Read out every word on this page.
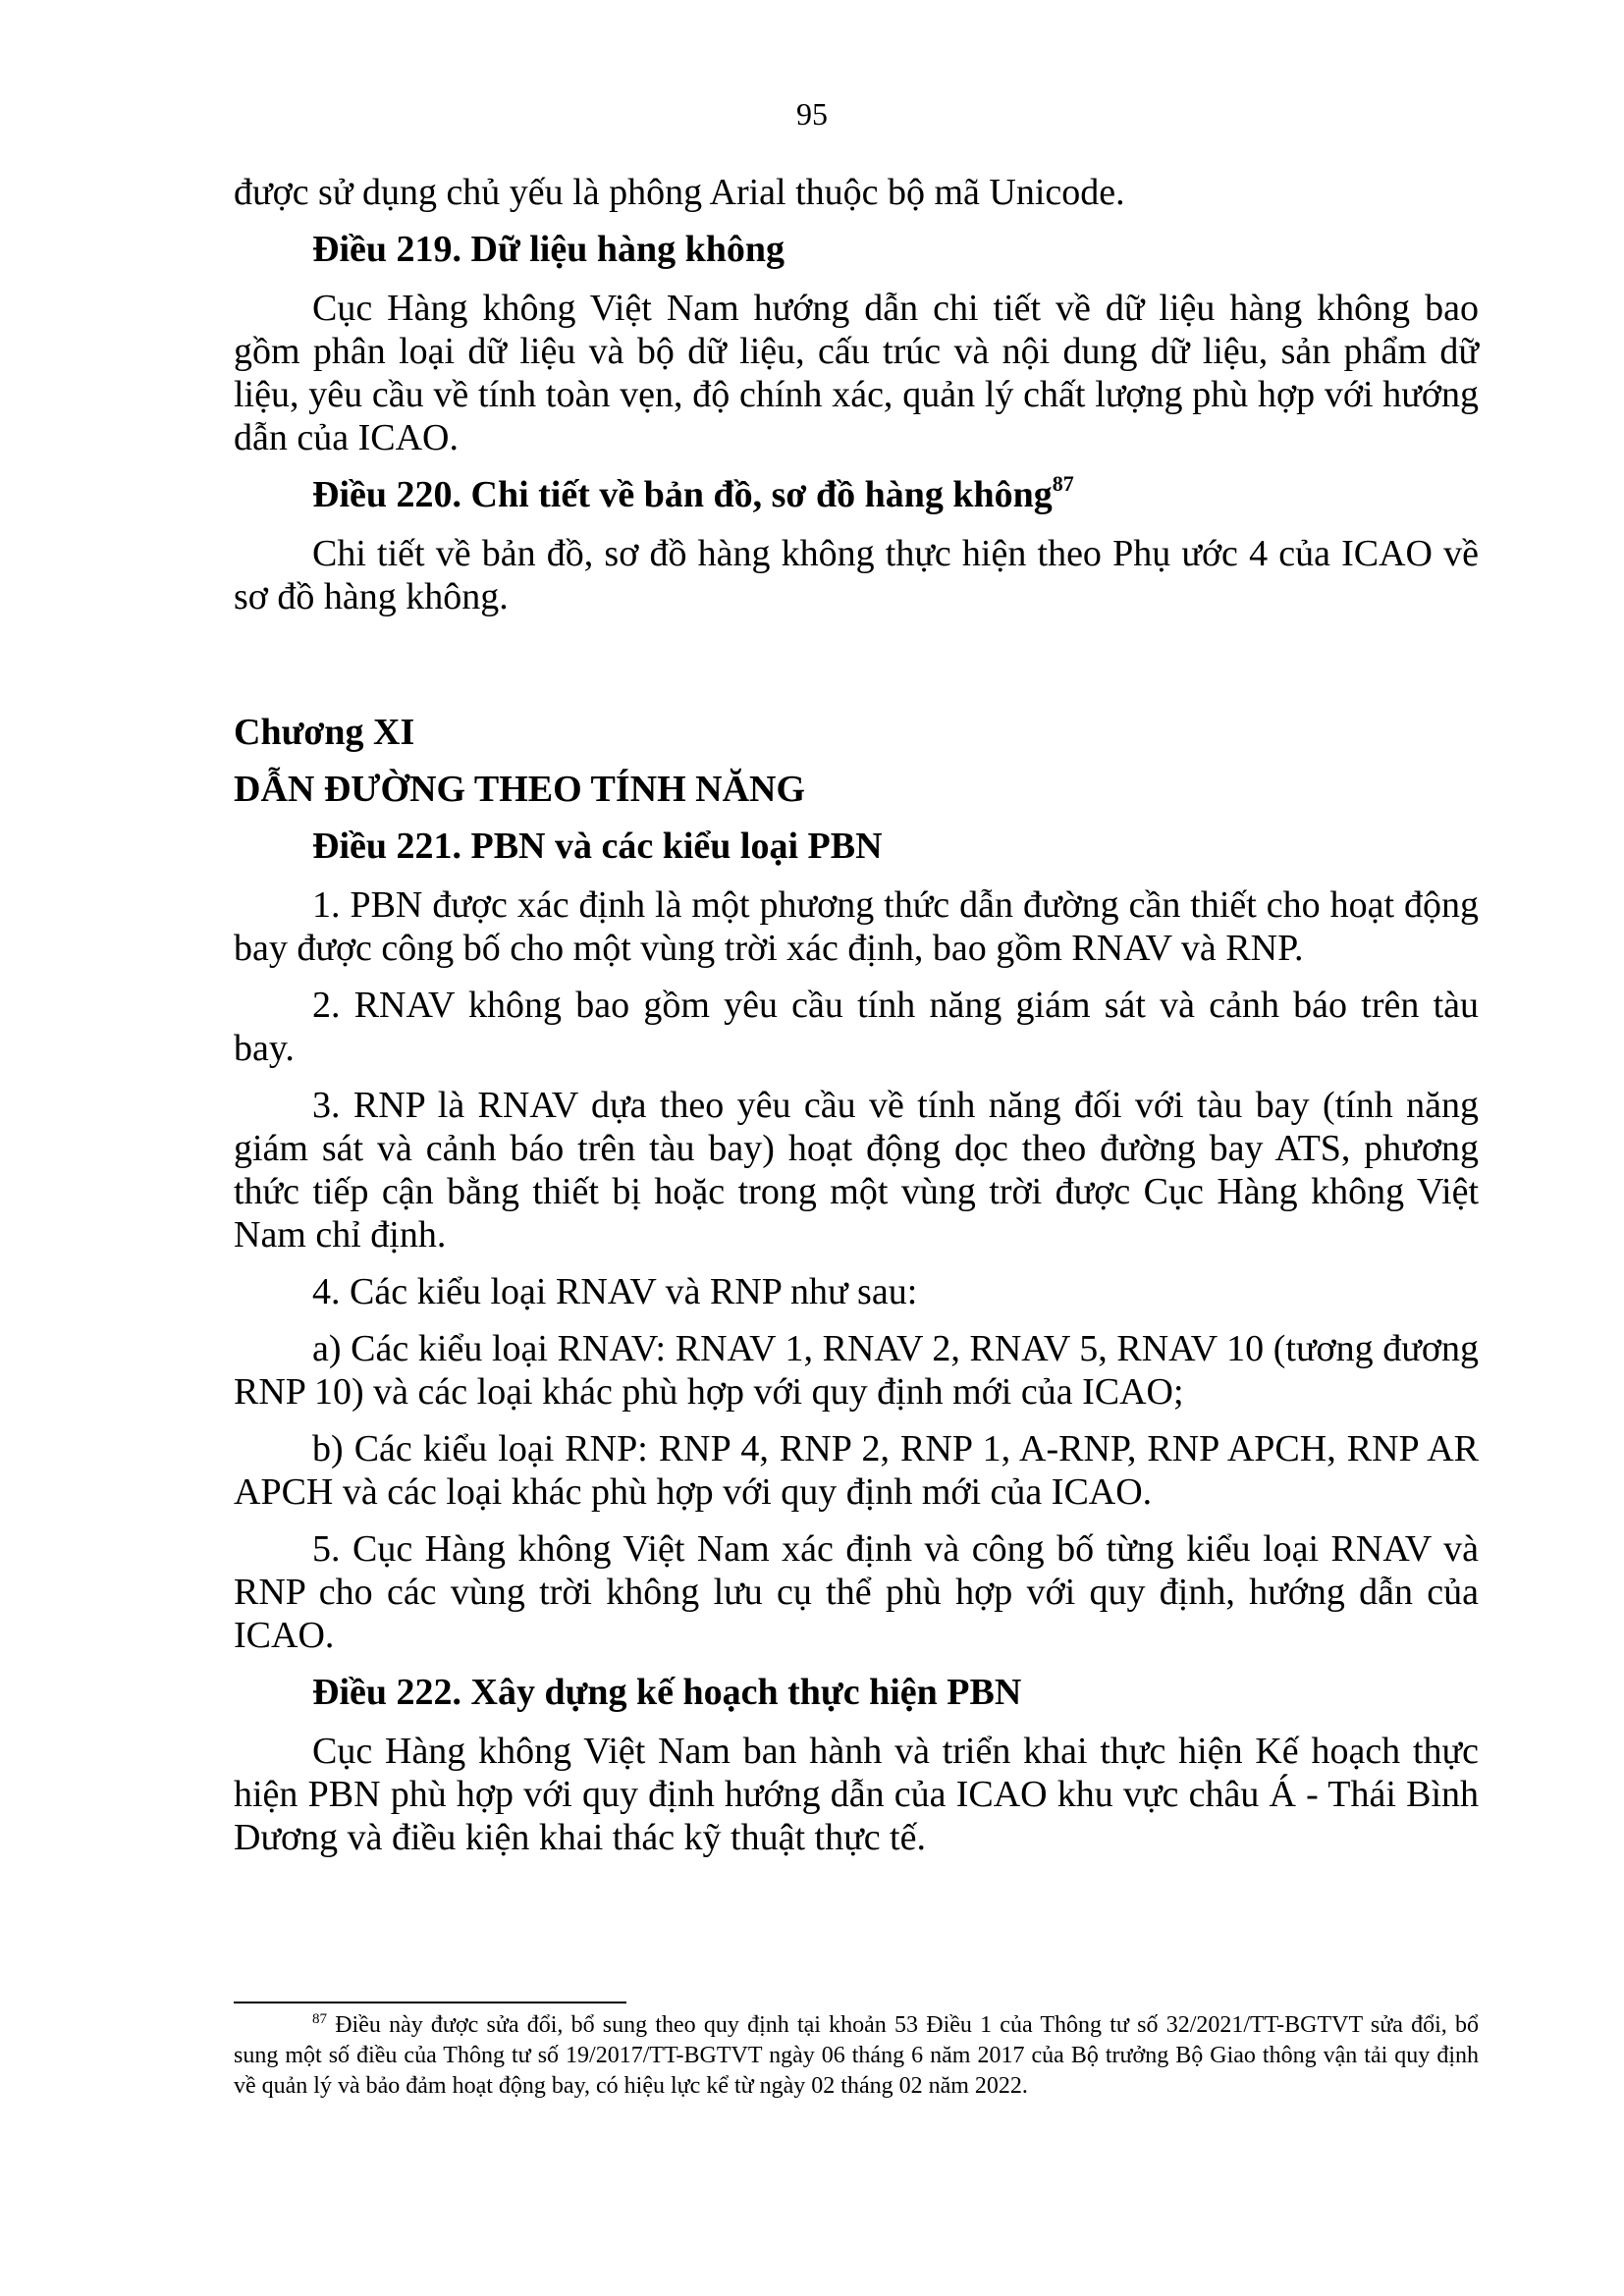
95

được sử dụng chủ yếu là phông Arial thuộc bộ mã Unicode.

Điều 219. Dữ liệu hàng không

Cục Hàng không Việt Nam hướng dẫn chi tiết về dữ liệu hàng không bao gồm phân loại dữ liệu và bộ dữ liệu, cấu trúc và nội dung dữ liệu, sản phẩm dữ liệu, yêu cầu về tính toàn vẹn, độ chính xác, quản lý chất lượng phù hợp với hướng dẫn của ICAO.

Điều 220. Chi tiết về bản đồ, sơ đồ hàng không$^{87}$

Chi tiết về bản đồ, sơ đồ hàng không thực hiện theo Phụ ước 4 của ICAO về sơ đồ hàng không.

Chương XI

DẪN ĐƯỜNG THEO TÍNH NĂNG

Điều 221. PBN và các kiểu loại PBN

1. PBN được xác định là một phương thức dẫn đường cần thiết cho hoạt động bay được công bố cho một vùng trời xác định, bao gồm RNAV và RNP.

2. RNAV không bao gồm yêu cầu tính năng giám sát và cảnh báo trên tàu bay.

3. RNP là RNAV dựa theo yêu cầu về tính năng đối với tàu bay (tính năng giám sát và cảnh báo trên tàu bay) hoạt động dọc theo đường bay ATS, phương thức tiếp cận bằng thiết bị hoặc trong một vùng trời được Cục Hàng không Việt Nam chỉ định.

4. Các kiểu loại RNAV và RNP như sau:

a) Các kiểu loại RNAV: RNAV 1, RNAV 2, RNAV 5, RNAV 10 (tương đương RNP 10) và các loại khác phù hợp với quy định mới của ICAO;

b) Các kiểu loại RNP: RNP 4, RNP 2, RNP 1, A-RNP, RNP APCH, RNP AR APCH và các loại khác phù hợp với quy định mới của ICAO.

5. Cục Hàng không Việt Nam xác định và công bố từng kiểu loại RNAV và RNP cho các vùng trời không lưu cụ thể phù hợp với quy định, hướng dẫn của ICAO.

Điều 222. Xây dựng kế hoạch thực hiện PBN

Cục Hàng không Việt Nam ban hành và triển khai thực hiện Kế hoạch thực hiện PBN phù hợp với quy định hướng dẫn của ICAO khu vực châu Á - Thái Bình Dương và điều kiện khai thác kỹ thuật thực tế.

$^{87}$ Điều này được sửa đổi, bổ sung theo quy định tại khoản 53 Điều 1 của Thông tư số 32/2021/TT-BGTVT sửa đổi, bổ sung một số điều của Thông tư số 19/2017/TT-BGTVT ngày 06 tháng 6 năm 2017 của Bộ trưởng Bộ Giao thông vận tải quy định về quản lý và bảo đảm hoạt động bay, có hiệu lực kể từ ngày 02 tháng 02 năm 2022.
